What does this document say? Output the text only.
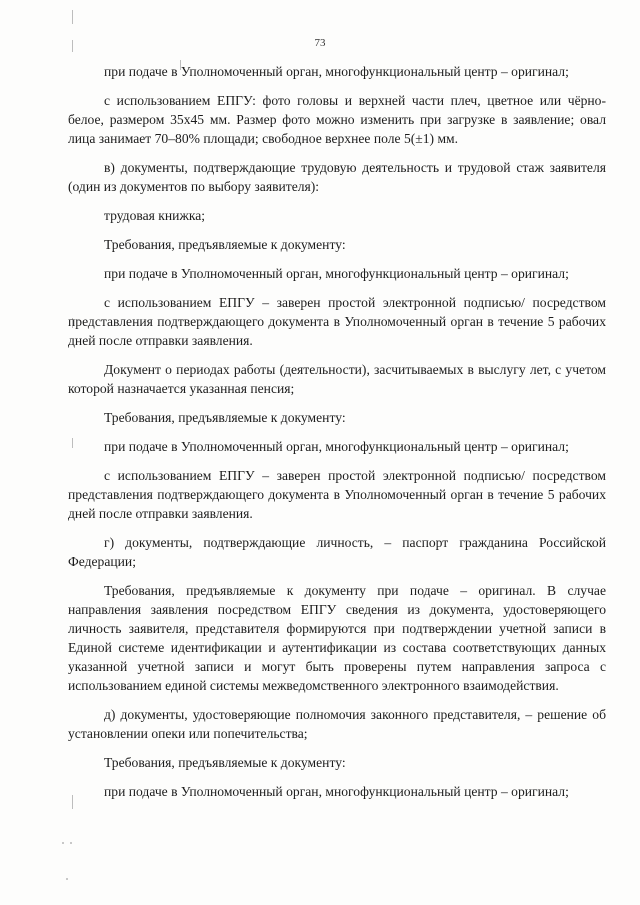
73

при подаче в Уполномоченный орган, многофункциональный центр – оригинал;

с использованием ЕПГУ: фото головы и верхней части плеч, цветное или чёрно-белое, размером 35х45 мм. Размер фото можно изменить при загрузке в заявление; овал лица занимает 70–80% площади; свободное верхнее поле 5(±1) мм.

в) документы, подтверждающие трудовую деятельность и трудовой стаж заявителя (один из документов по выбору заявителя):

трудовая книжка;

Требования, предъявляемые к документу:

при подаче в Уполномоченный орган, многофункциональный центр – оригинал;

с использованием ЕПГУ – заверен простой электронной подписью/ посредством представления подтверждающего документа в Уполномоченный орган в течение 5 рабочих дней после отправки заявления.

Документ о периодах работы (деятельности), засчитываемых в выслугу лет, с учетом которой назначается указанная пенсия;

Требования, предъявляемые к документу:

при подаче в Уполномоченный орган, многофункциональный центр – оригинал;

с использованием ЕПГУ – заверен простой электронной подписью/ посредством представления подтверждающего документа в Уполномоченный орган в течение 5 рабочих дней после отправки заявления.

г) документы, подтверждающие личность, – паспорт гражданина Российской Федерации;

Требования, предъявляемые к документу при подаче – оригинал. В случае направления заявления посредством ЕПГУ сведения из документа, удостоверяющего личность заявителя, представителя формируются при подтверждении учетной записи в Единой системе идентификации и аутентификации из состава соответствующих данных указанной учетной записи и могут быть проверены путем направления запроса с использованием единой системы межведомственного электронного взаимодействия.

д) документы, удостоверяющие полномочия законного представителя, – решение об установлении опеки или попечительства;

Требования, предъявляемые к документу:

при подаче в Уполномоченный орган, многофункциональный центр – оригинал;
